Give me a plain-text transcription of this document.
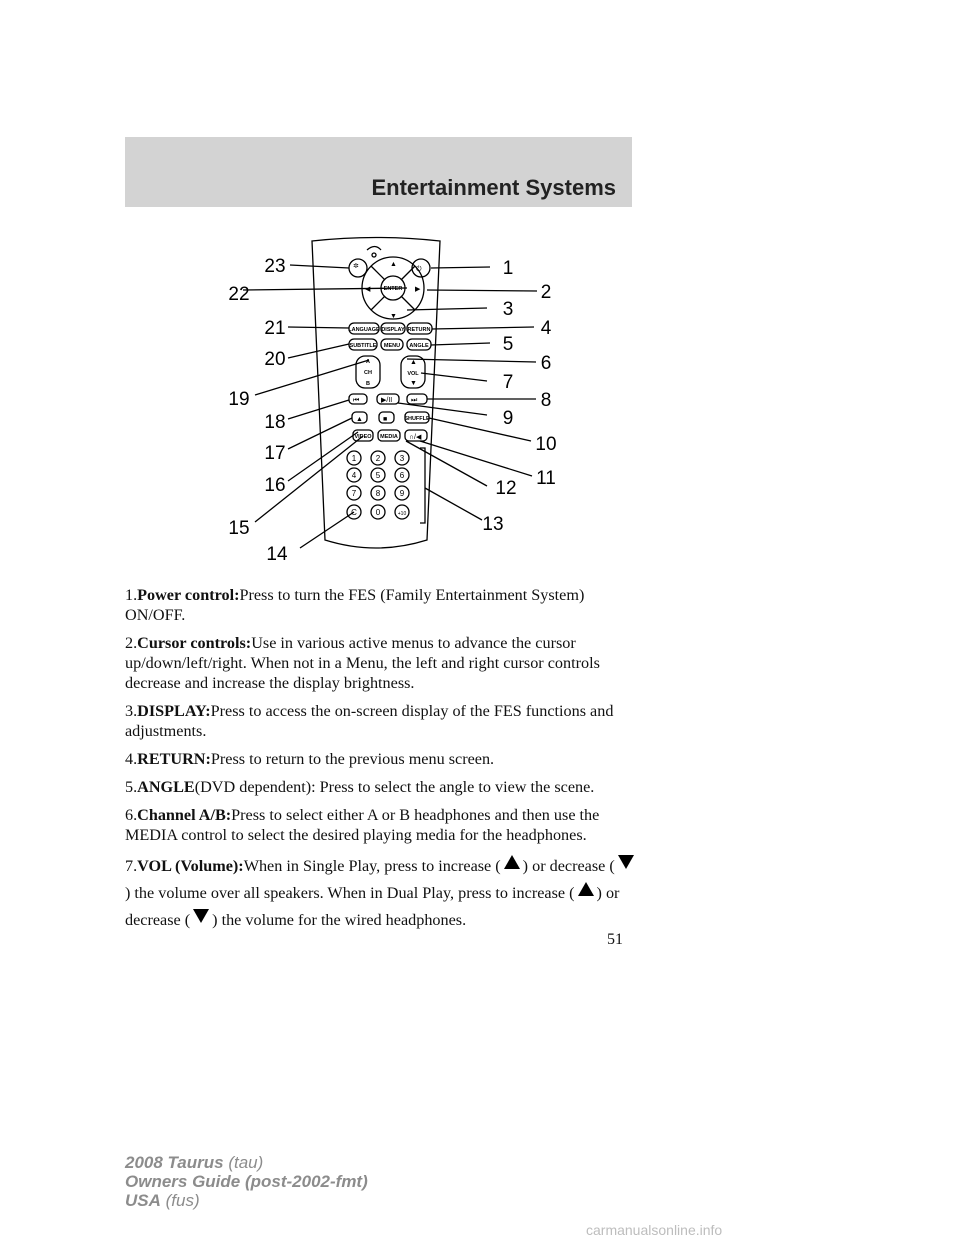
Entertainment Systems
1 2 3
4 5 6
7 8 9
C 0	+10
ENTER
LANGUAGE DISPLAY RETURN
SUBTITLE MENU ANGLE
A
CH
B
VOL
SHUFFLE
VIDEO MEDIA
▲
▼
◀	▶
▲
▼
⏮	▶/II	⏭
▲	■
∩/◀
✲	⏻	1
2
3
4
5
6
7
8
9
10
11
12
13
14
15
16
17
18
19
20
21
22
23
1.Power control:Press to turn the FES (Family Entertainment System) ON/OFF.
2.Cursor controls:Use in various active menus to advance the cursor up/down/left/right. When not in a Menu, the left and right cursor controls decrease and increase the display brightness.
3.DISPLAY:Press to access the on-screen display of the FES functions and adjustments.
4.RETURN:Press to return to the previous menu screen.
5.ANGLE(DVD dependent): Press to select the angle to view the scene.
6.Channel A/B:Press to select either A or B headphones and then use the MEDIA control to select the desired playing media for the headphones.
7.VOL (Volume):When in Single Play, press to increase ( ) or decrease () the volume over all speakers. When in Dual Play, press to increase ( ) or decrease ( ) the volume for the wired headphones.
51
2008 Taurus (tau)
Owners Guide (post-2002-fmt)
USA (fus)
carmanualsonline.info
